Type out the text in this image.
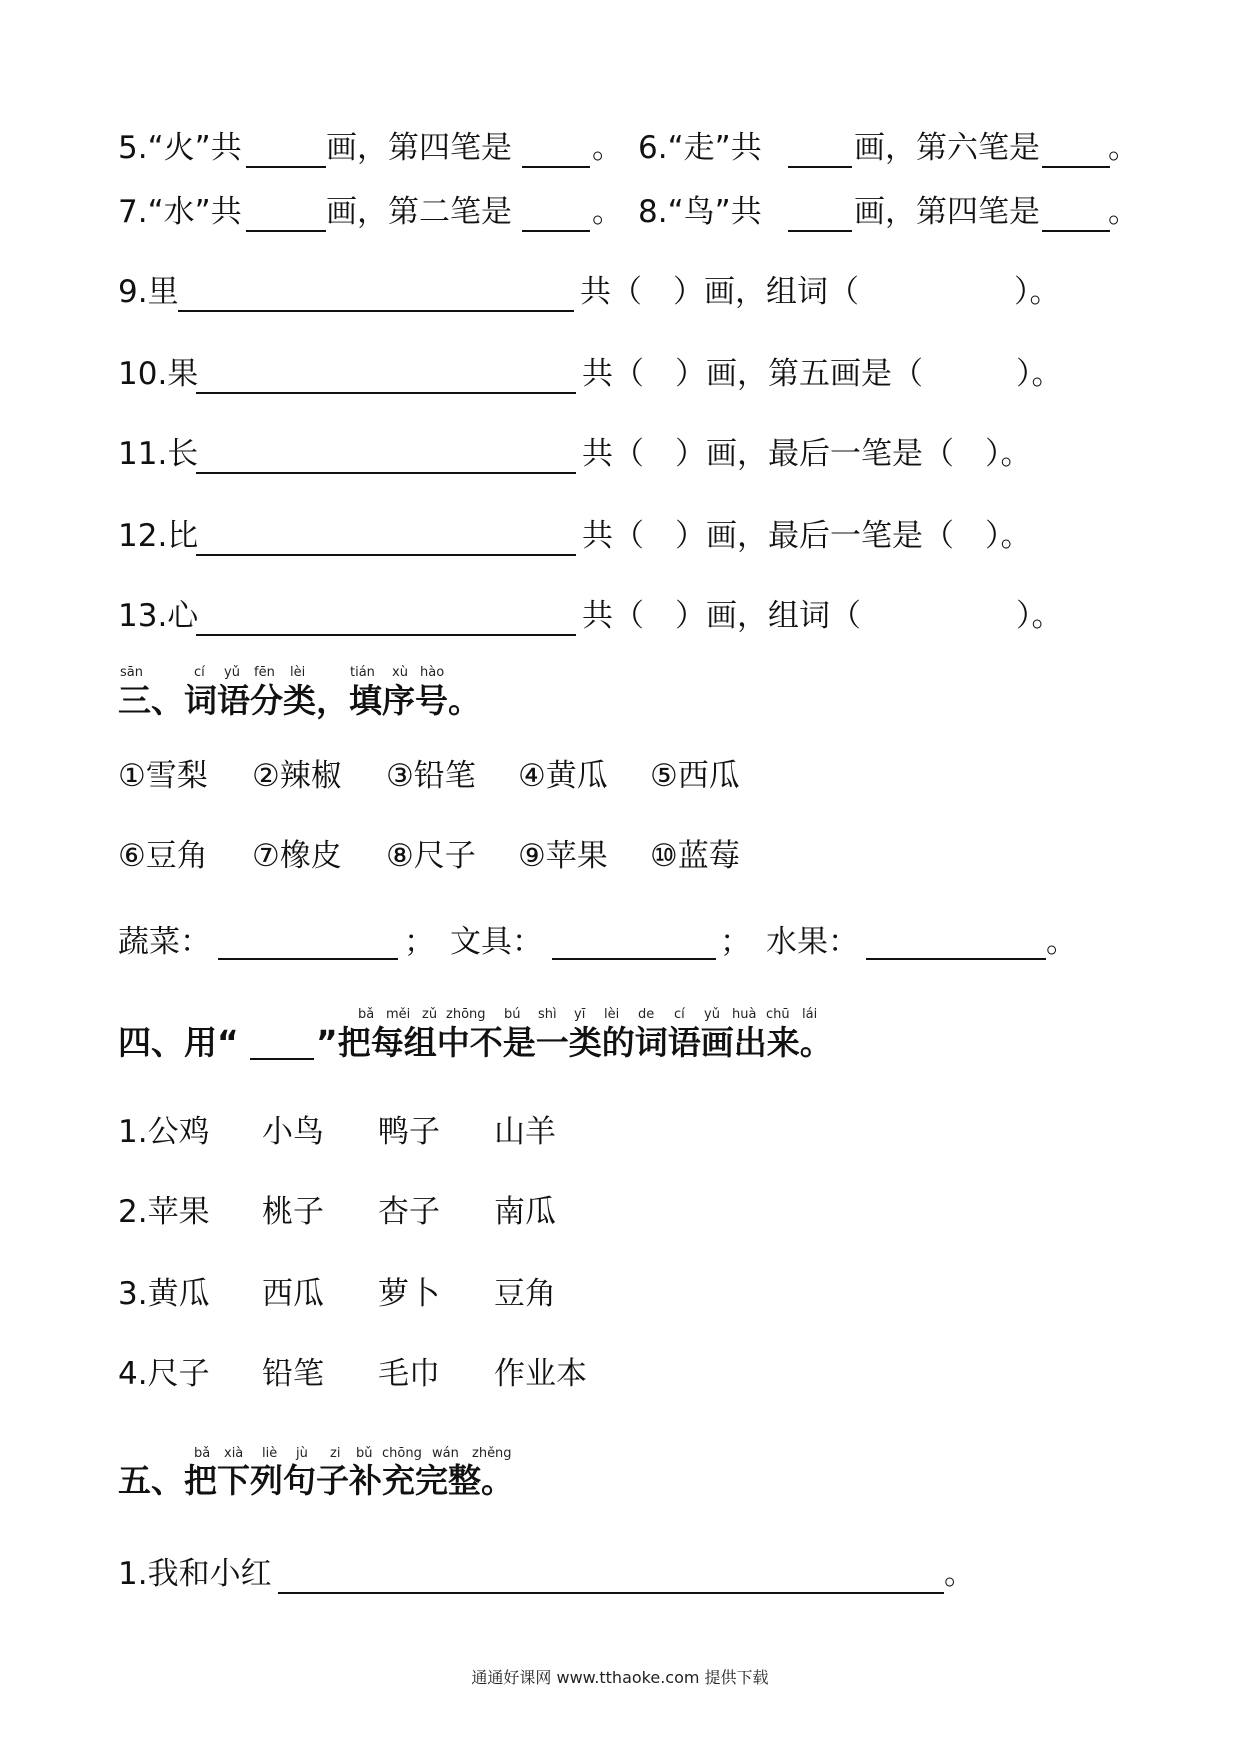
5.“火”共	画，第四笔是	。 6.“走”共	画，第六笔是 。
7.“水”共	画，第二笔是	。 8.“鸟”共	画，第四笔是 。
9.里	共（　）画，组词（　　　　　）。
10.果	共（　）画，第五画是（　　　）。
11.长	共（　）画，最后一笔是（　）。
12.比	共（　）画，最后一笔是（　）。
13.心	共（　）画，组词（　　　　　）。
sān	cí yǔ fēn lèi	tián xù hào
三、词语分类，填序号。
①雪梨 ②辣椒 ③铅笔 ④黄瓜 ⑤西瓜
⑥豆角 ⑦橡皮 ⑧尺子 ⑨苹果 ⑩蓝莓
蔬菜：	； 文具：	； 水果：	。
bǎ měi zǔ zhōng bú shì yī lèi de cí yǔ huà chū lái
四、用“ ”把每组中不是一类的词语画出来。
1.公鸡 小鸟 鸭子 山羊
2.苹果 桃子 杏子 南瓜
3.黄瓜 西瓜 萝卜 豆角
4.尺子 铅笔 毛巾 作业本
bǎ xià liè jù zi bǔ chōng wán zhěng
五、把下列句子补充完整。
1.我和小红	。
通通好课网 www.tthaoke.com 提供下载
